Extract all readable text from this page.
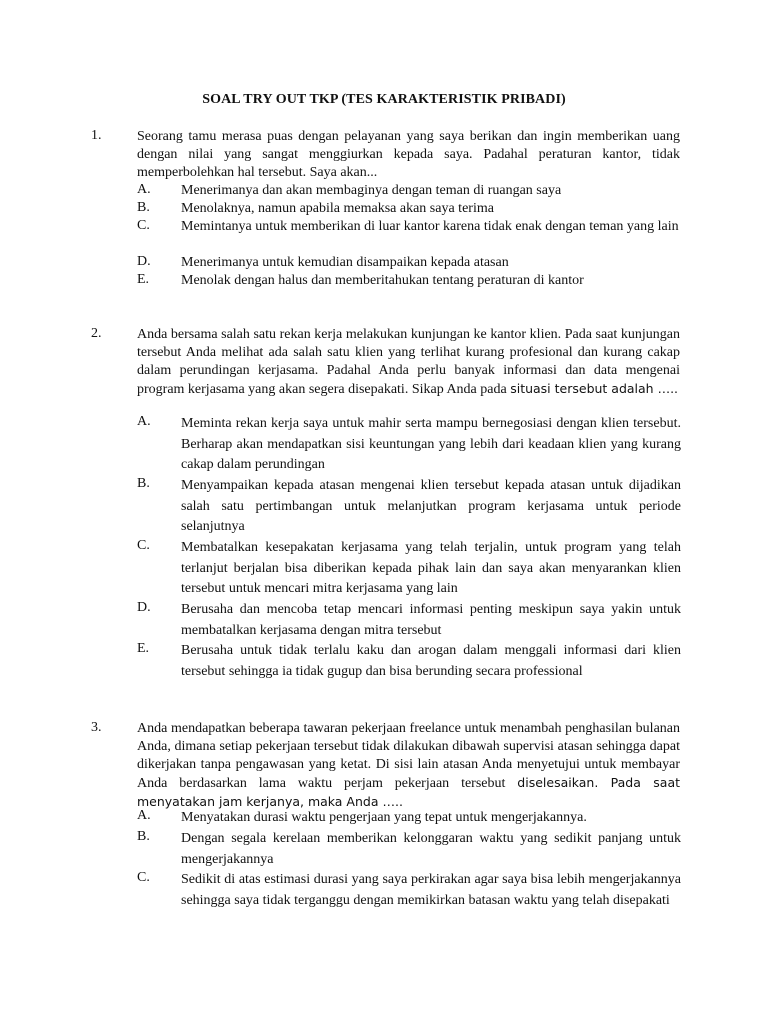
SOAL TRY OUT TKP (TES KARAKTERISTIK PRIBADI)
1.	Seorang tamu merasa puas dengan pelayanan yang saya berikan dan ingin memberikan uang dengan nilai yang sangat menggiurkan kepada saya. Padahal peraturan kantor, tidak memperbolehkan hal tersebut. Saya akan...
A. Menerimanya dan akan membaginya dengan teman di ruangan saya
B. Menolaknya, namun apabila memaksa akan saya terima
C. Memintanya untuk memberikan di luar kantor karena tidak enak dengan teman yang lain
D. Menerimanya untuk kemudian disampaikan kepada atasan
E. Menolak dengan halus dan memberitahukan tentang peraturan di kantor
2.	Anda bersama salah satu rekan kerja melakukan kunjungan ke kantor klien. Pada saat kunjungan tersebut Anda melihat ada salah satu klien yang terlihat kurang profesional dan kurang cakap dalam perundingan kerjasama. Padahal Anda perlu banyak informasi dan data mengenai program kerjasama yang akan segera disepakati. Sikap Anda pada situasi tersebut adalah …..
A. Meminta rekan kerja saya untuk mahir serta mampu bernegosiasi dengan klien tersebut. Berharap akan mendapatkan sisi keuntungan yang lebih dari keadaan klien yang kurang cakap dalam perundingan
B. Menyampaikan kepada atasan mengenai klien tersebut kepada atasan untuk dijadikan salah satu pertimbangan untuk melanjutkan program kerjasama untuk periode selanjutnya
C. Membatalkan kesepakatan kerjasama yang telah terjalin, untuk program yang telah terlanjut berjalan bisa diberikan kepada pihak lain dan saya akan menyarankan klien tersebut untuk mencari mitra kerjasama yang lain
D. Berusaha dan mencoba tetap mencari informasi penting meskipun saya yakin untuk membatalkan kerjasama dengan mitra tersebut
E. Berusaha untuk tidak terlalu kaku dan arogan dalam menggali informasi dari klien tersebut sehingga ia tidak gugup dan bisa berunding secara professional
3.	Anda mendapatkan beberapa tawaran pekerjaan freelance untuk menambah penghasilan bulanan Anda, dimana setiap pekerjaan tersebut tidak dilakukan dibawah supervisi atasan sehingga dapat dikerjakan tanpa pengawasan yang ketat. Di sisi lain atasan Anda menyetujui untuk membayar Anda berdasarkan lama waktu perjam pekerjaan tersebut diselesaikan. Pada saat menyatakan jam kerjanya, maka Anda …..
A. Menyatakan durasi waktu pengerjaan yang tepat untuk mengerjakannya.
B. Dengan segala kerelaan memberikan kelonggaran waktu yang sedikit panjang untuk mengerjakannya
C. Sedikit di atas estimasi durasi yang saya perkirakan agar saya bisa lebih mengerjakannya sehingga saya tidak terganggu dengan memikirkan batasan waktu yang telah disepakati
